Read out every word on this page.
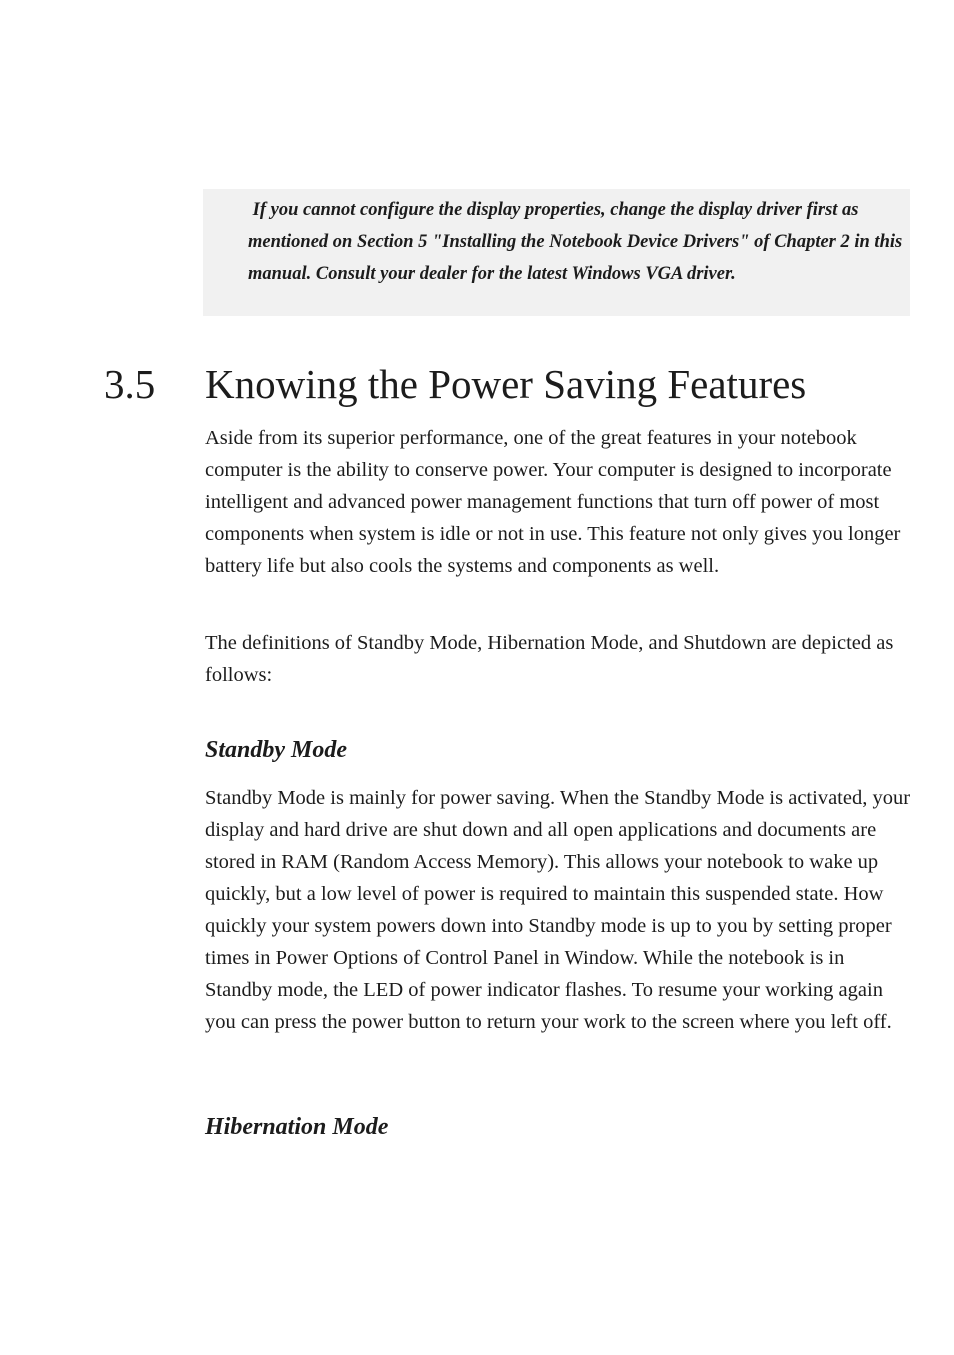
If you cannot configure the display properties, change the display driver first as mentioned on Section 5 "Installing the Notebook Device Drivers" of Chapter 2 in this manual. Consult your dealer for the latest Windows VGA driver.

3.5 Knowing the Power Saving Features

Aside from its superior performance, one of the great features in your notebook computer is the ability to conserve power. Your computer is designed to incorporate intelligent and advanced power management functions that turn off power of most components when system is idle or not in use. This feature not only gives you longer battery life but also cools the systems and components as well.

The definitions of Standby Mode, Hibernation Mode, and Shutdown are depicted as follows:

Standby Mode

Standby Mode is mainly for power saving. When the Standby Mode is activated, your display and hard drive are shut down and all open applications and documents are stored in RAM (Random Access Memory). This allows your notebook to wake up quickly, but a low level of power is required to maintain this suspended state. How quickly your system powers down into Standby mode is up to you by setting proper times in Power Options of Control Panel in Window. While the notebook is in Standby mode, the LED of power indicator flashes. To resume your working again you can press the power button to return your work to the screen where you left off.

Hibernation Mode
